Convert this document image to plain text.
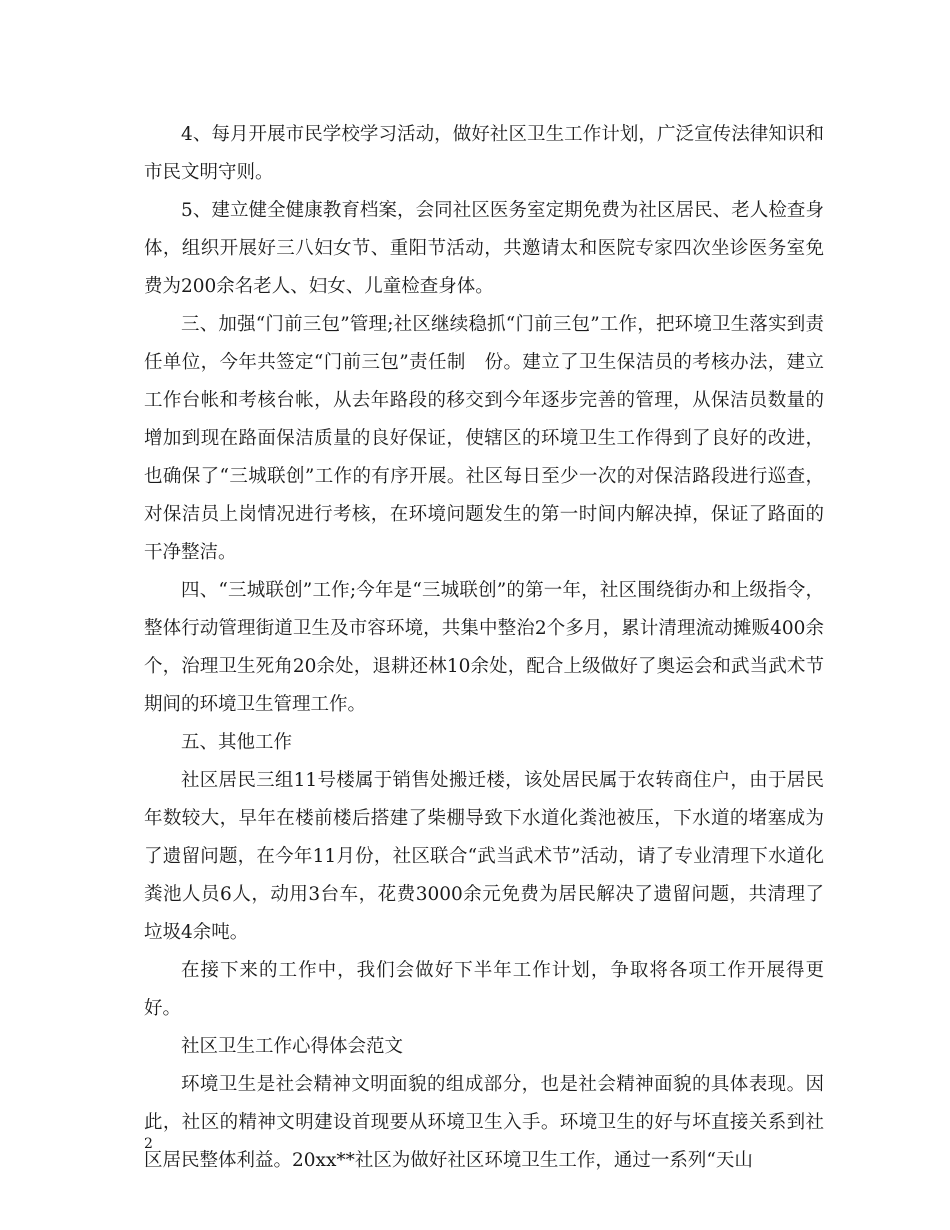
4、每月开展市民学校学习活动，做好社区卫生工作计划，广泛宣传法律知识和市民文明守则。

5、建立健全健康教育档案，会同社区医务室定期免费为社区居民、老人检查身体，组织开展好三八妇女节、重阳节活动，共邀请太和医院专家四次坐诊医务室免费为200余名老人、妇女、儿童检查身体。

三、加强“门前三包”管理;社区继续稳抓“门前三包”工作，把环境卫生落实到责任单位，今年共签定“门前三包”责任制　份。建立了卫生保洁员的考核办法，建立工作台帐和考核台帐，从去年路段的移交到今年逐步完善的管理，从保洁员数量的增加到现在路面保洁质量的良好保证，使辖区的环境卫生工作得到了良好的改进，也确保了“三城联创”工作的有序开展。社区每日至少一次的对保洁路段进行巡查，对保洁员上岗情况进行考核，在环境问题发生的第一时间内解决掉，保证了路面的干净整洁。

四、“三城联创”工作;今年是“三城联创”的第一年，社区围绕街办和上级指令，整体行动管理街道卫生及市容环境，共集中整治2个多月，累计清理流动摊贩400余个，治理卫生死角20余处，退耕还林10余处，配合上级做好了奥运会和武当武术节期间的环境卫生管理工作。

五、其他工作

社区居民三组11号楼属于销售处搬迁楼，该处居民属于农转商住户，由于居民年数较大，早年在楼前楼后搭建了柴棚导致下水道化粪池被压，下水道的堵塞成为了遗留问题，在今年11月份，社区联合“武当武术节”活动，请了专业清理下水道化粪池人员6人，动用3台车，花费3000余元免费为居民解决了遗留问题，共清理了垃圾4余吨。

在接下来的工作中，我们会做好下半年工作计划，争取将各项工作开展得更好。

社区卫生工作心得体会范文

环境卫生是社会精神文明面貌的组成部分，也是社会精神面貌的具体表现。因此，社区的精神文明建设首现要从环境卫生入手。环境卫生的好与坏直接关系到社区居民整体利益。20xx**社区为做好社区环境卫生工作，通过一系列“天山

2
